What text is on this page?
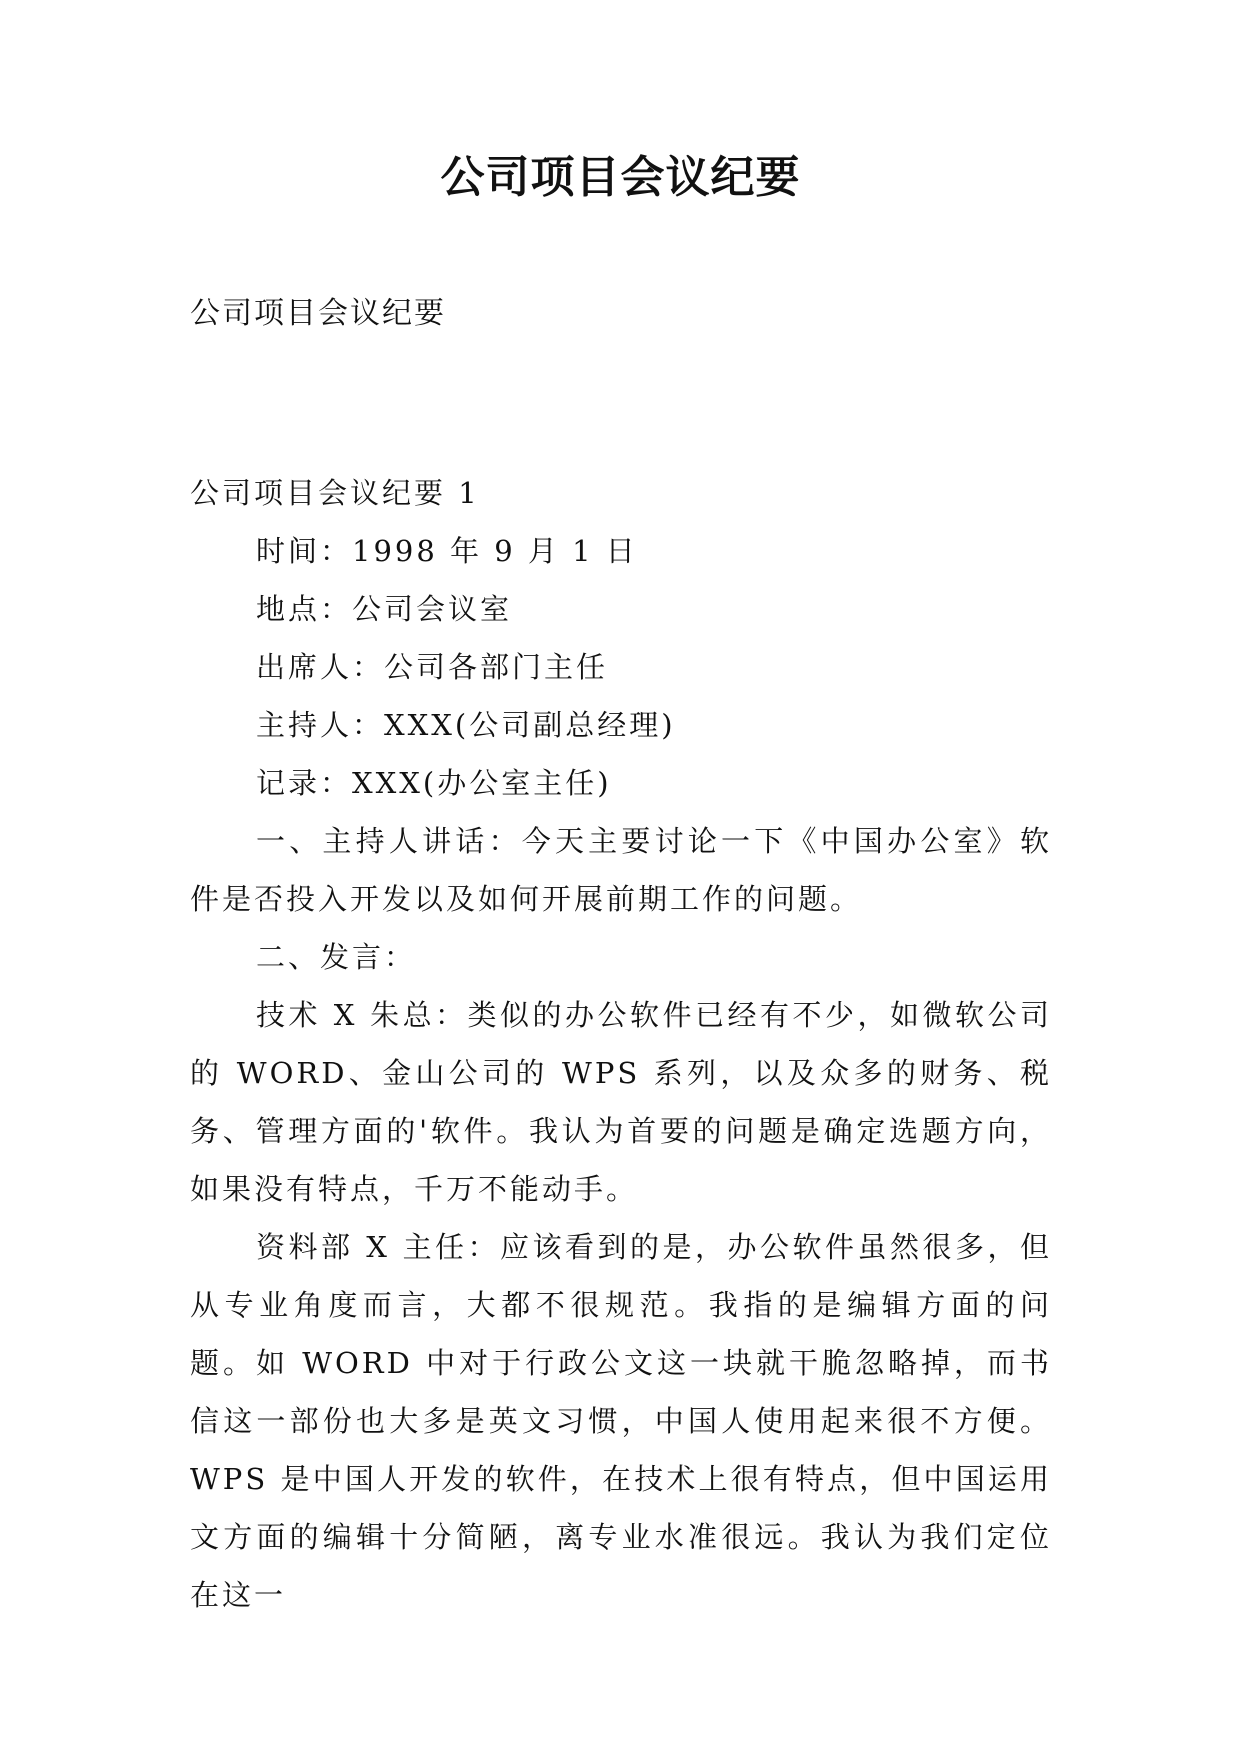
公司项目会议纪要
公司项目会议纪要

公司项目会议纪要 1

时间：1998 年 9 月 1 日

地点：公司会议室

出席人：公司各部门主任

主持人：XXX(公司副总经理)

记录：XXX(办公室主任)

一、主持人讲话：今天主要讨论一下《中国办公室》软件是否投入开发以及如何开展前期工作的问题。

二、发言：

技术 X 朱总：类似的办公软件已经有不少，如微软公司的 WORD、金山公司的 WPS 系列，以及众多的财务、税务、管理方面的'软件。我认为首要的问题是确定选题方向，如果没有特点，千万不能动手。

资料部 X 主任：应该看到的是，办公软件虽然很多，但从专业角度而言，大都不很规范。我指的是编辑方面的问题。如 WORD 中对于行政公文这一块就干脆忽略掉，而书信这一部份也大多是英文习惯，中国人使用起来很不方便。WPS 是中国人开发的软件，在技术上很有特点，但中国运用文方面的编辑十分简陋，离专业水准很远。我认为我们定位在这一
